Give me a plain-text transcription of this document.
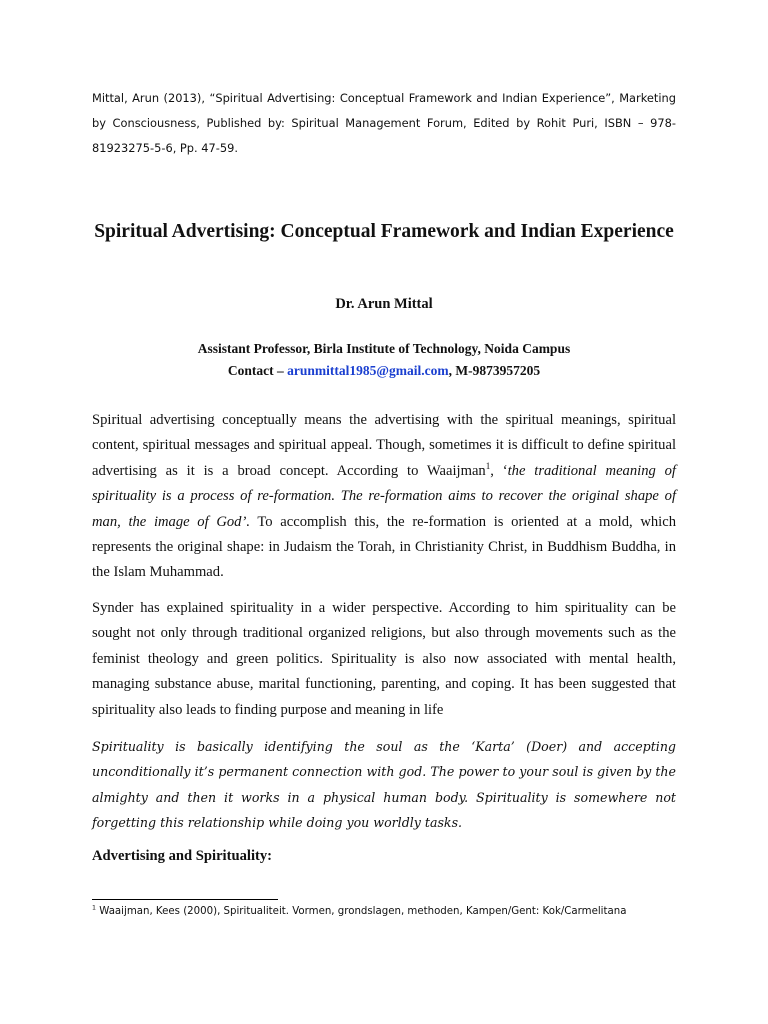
Mittal, Arun (2013), “Spiritual Advertising: Conceptual Framework and Indian Experience”, Marketing by Consciousness, Published by: Spiritual Management Forum, Edited by Rohit Puri, ISBN – 978-81923275-5-6, Pp. 47-59.
Spiritual Advertising: Conceptual Framework and Indian Experience
Dr. Arun Mittal
Assistant Professor, Birla Institute of Technology, Noida Campus
Contact – arunmittal1985@gmail.com, M-9873957205

Spiritual advertising conceptually means the advertising with the spiritual meanings, spiritual content, spiritual messages and spiritual appeal. Though, sometimes it is difficult to define spiritual advertising as it is a broad concept. According to Waaijman$^1$, ‘the traditional meaning of spirituality is a process of re-formation. The re-formation aims to recover the original shape of man, the image of God’. To accomplish this, the re-formation is oriented at a mold, which represents the original shape: in Judaism the Torah, in Christianity Christ, in Buddhism Buddha, in the Islam Muhammad.

Synder has explained spirituality in a wider perspective. According to him spirituality can be sought not only through traditional organized religions, but also through movements such as the feminist theology and green politics. Spirituality is also now associated with mental health, managing substance abuse, marital functioning, parenting, and coping. It has been suggested that spirituality also leads to finding purpose and meaning in life

Spirituality is basically identifying the soul as the ‘Karta’ (Doer) and accepting unconditionally it’s permanent connection with god. The power to your soul is given by the almighty and then it works in a physical human body. Spirituality is somewhere not forgetting this relationship while doing you worldly tasks.

Advertising and Spirituality:
$^1$ Waaijman, Kees (2000), Spiritualiteit. Vormen, grondslagen, methoden, Kampen/Gent: Kok/Carmelitana
